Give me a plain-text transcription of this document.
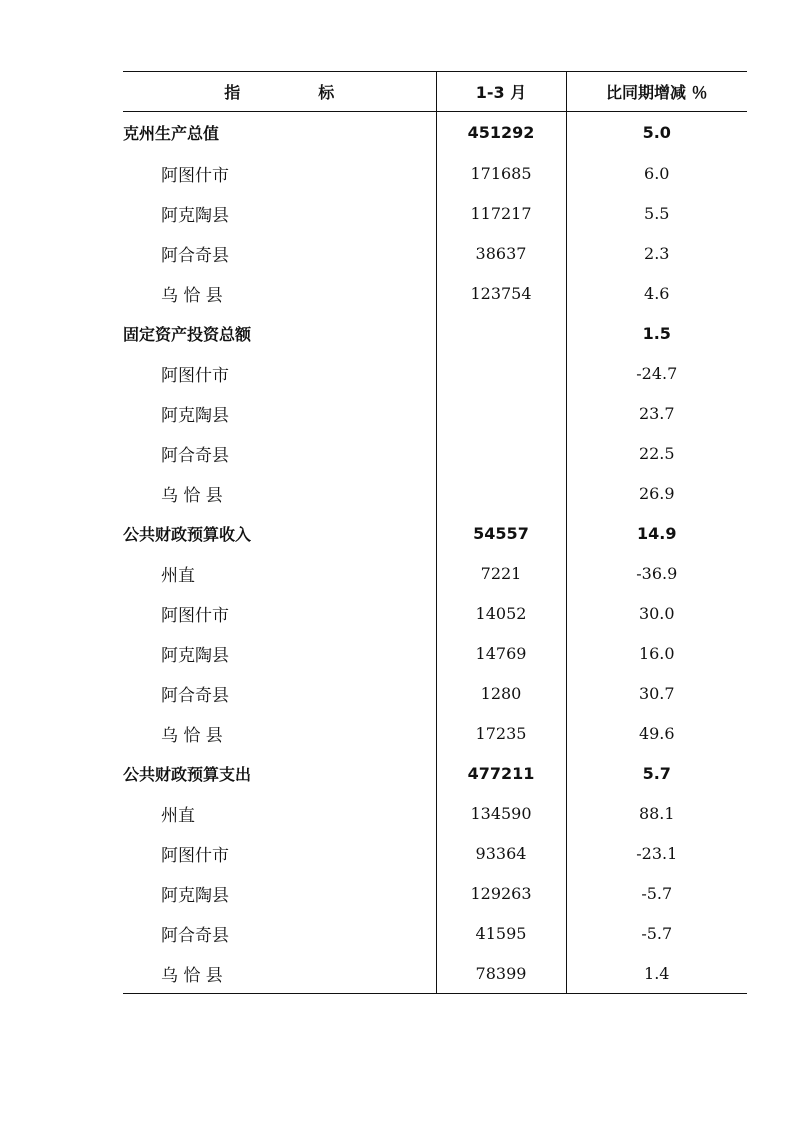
指 标	1-3 月	比同期增减 ％
克州生产总值	451292	5.0
阿图什市	171685	6.0
阿克陶县	117217	5.5
阿合奇县	38637	2.3
乌 恰 县	123754	4.6
固定资产投资总额		1.5
阿图什市		-24.7
阿克陶县		23.7
阿合奇县		22.5
乌 恰 县		26.9
公共财政预算收入	54557	14.9
州直	7221	-36.9
阿图什市	14052	30.0
阿克陶县	14769	16.0
阿合奇县	1280	30.7
乌 恰 县	17235	49.6
公共财政预算支出	477211	5.7
州直	134590	88.1
阿图什市	93364	-23.1
阿克陶县	129263	-5.7
阿合奇县	41595	-5.7
乌 恰 县	78399	1.4
